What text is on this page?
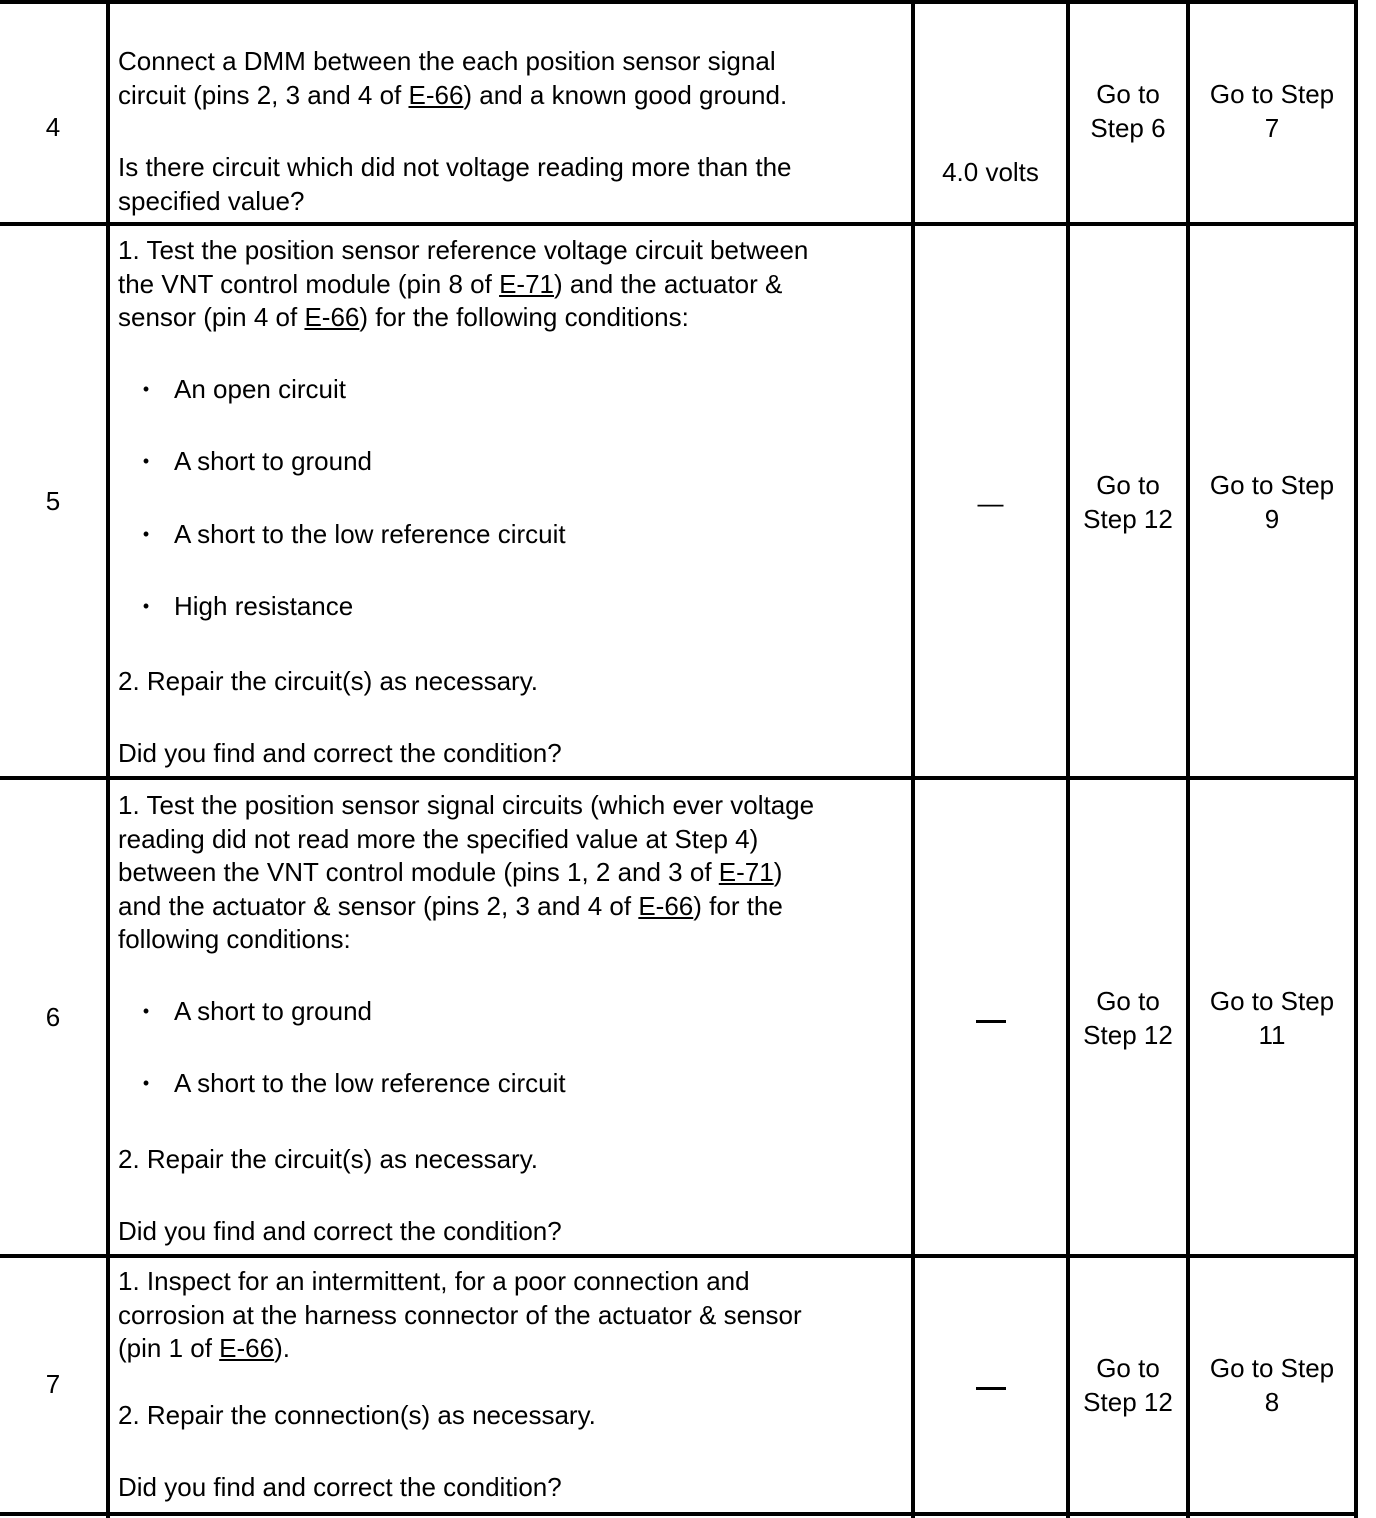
4

Connect a DMM between the each position sensor signal

circuit (pins 2, 3 and 4 of E-66) and a known good ground.

Is there circuit which did not voltage reading more than the

specified value?

4.0 volts
Go to
Step 6
Go to Step
7
5

1. Test the position sensor reference voltage circuit between

the VNT control module (pin 8 of E-71) and the actuator &

sensor (pin 4 of E-66) for the following conditions:

• An open circuit

• A short to ground

• A short to the low reference circuit

• High resistance

2. Repair the circuit(s) as necessary.

Did you find and correct the condition?

—
Go to
Step 12
Go to Step
9
6

1. Test the position sensor signal circuits (which ever voltage

reading did not read more the specified value at Step 4)

between the VNT control module (pins 1, 2 and 3 of E-71)

and the actuator & sensor (pins 2, 3 and 4 of E-66) for the

following conditions:

• A short to ground

• A short to the low reference circuit

2. Repair the circuit(s) as necessary.

Did you find and correct the condition?

Go to
Step 12
Go to Step
11
7

1. Inspect for an intermittent, for a poor connection and

corrosion at the harness connector of the actuator & sensor

(pin 1 of E-66).

2. Repair the connection(s) as necessary.

Did you find and correct the condition?

Go to
Step 12
Go to Step
8
